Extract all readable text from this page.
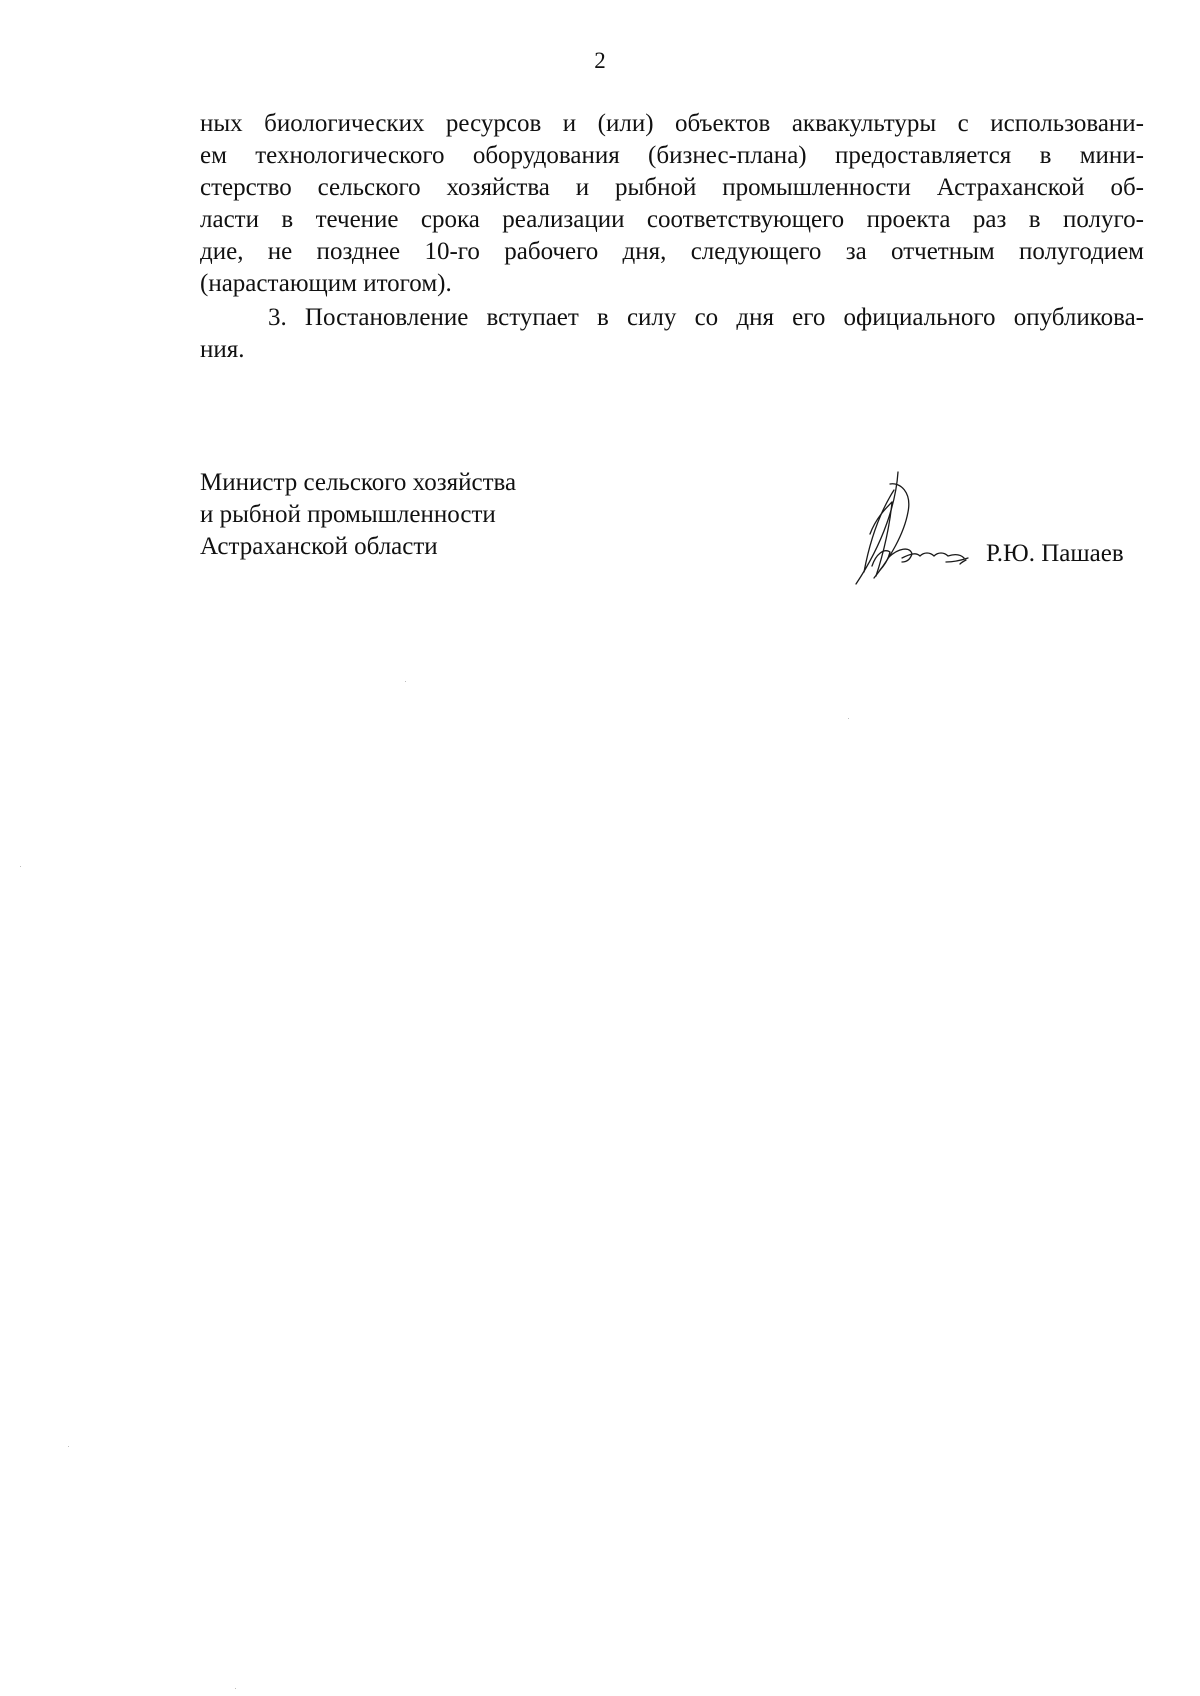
2
ных биологических ресурсов и (или) объектов аквакультуры с использовани-
ем технологического оборудования (бизнес-плана) предоставляется в мини-
стерство сельского хозяйства и рыбной промышленности Астраханской об-
ласти в течение срока реализации соответствующего проекта раз в полуго-
дие, не позднее 10-го рабочего дня, следующего за отчетным полугодием
(нарастающим итогом).
3. Постановление вступает в силу со дня его официального опубликова-
ния.
Министр сельского хозяйства
и рыбной промышленности
Астраханской области	Р.Ю. Пашаев
